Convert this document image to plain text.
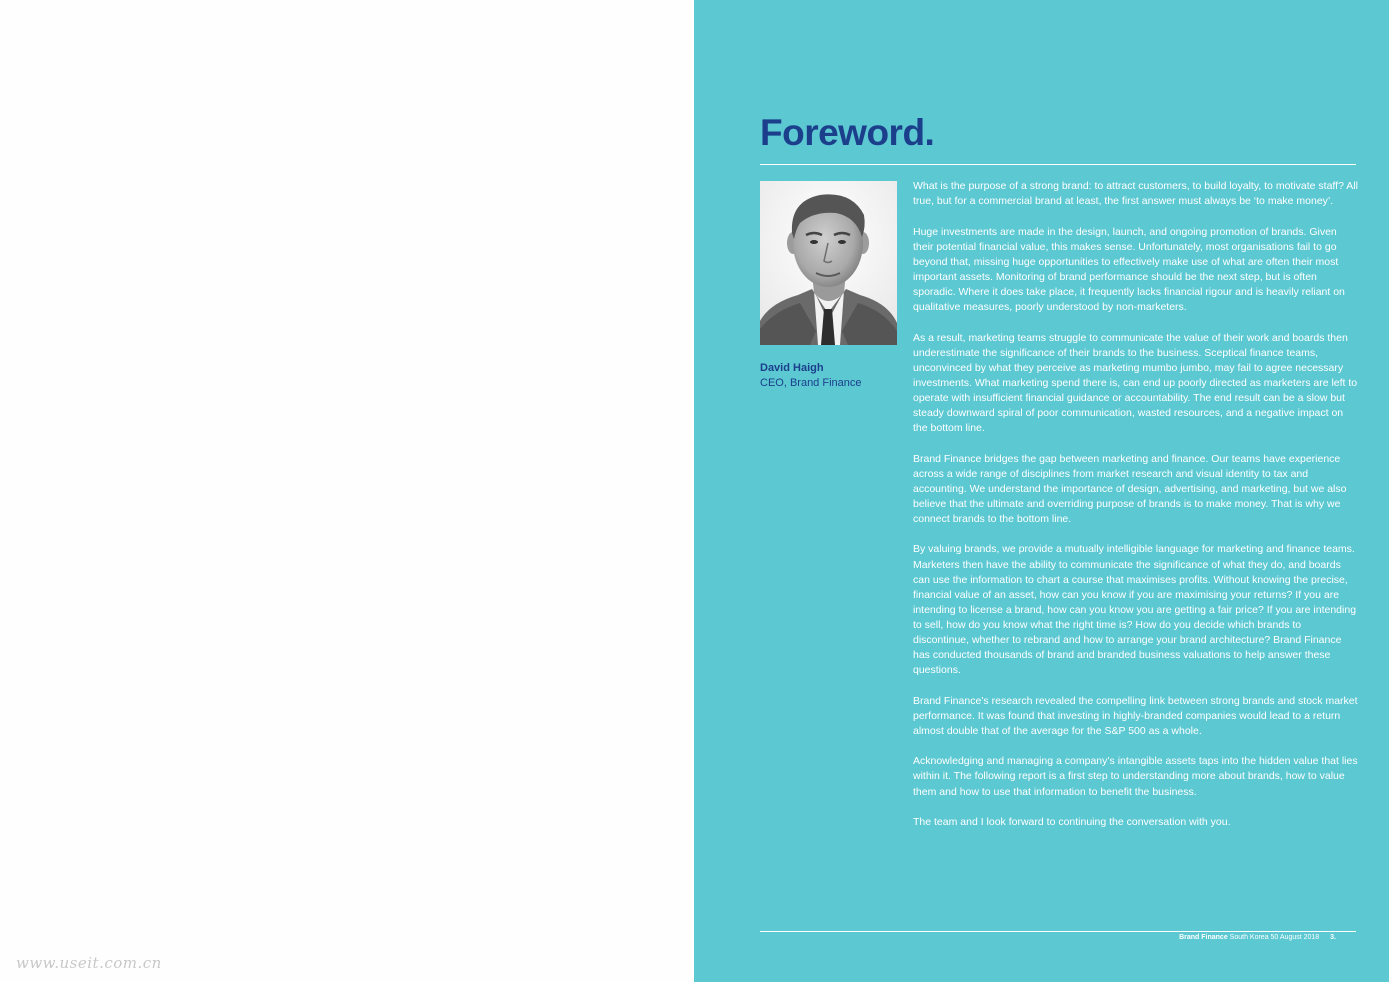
www.useit.com.cn
Foreword.
David Haigh
CEO, Brand Finance

What is the purpose of a strong brand: to attract customers, to build loyalty, to motivate staff? All true, but for a commercial brand at least, the first answer must always be ‘to make money’.

Huge investments are made in the design, launch, and ongoing promotion of brands. Given their potential financial value, this makes sense. Unfortunately, most organisations fail to go beyond that, missing huge opportunities to effectively make use of what are often their most important assets. Monitoring of brand performance should be the next step, but is often sporadic. Where it does take place, it frequently lacks financial rigour and is heavily reliant on qualitative measures, poorly understood by non-marketers.

As a result, marketing teams struggle to communicate the value of their work and boards then underestimate the significance of their brands to the business. Sceptical finance teams, unconvinced by what they perceive as marketing mumbo jumbo, may fail to agree necessary investments. What marketing spend there is, can end up poorly directed as marketers are left to operate with insufficient financial guidance or accountability. The end result can be a slow but steady downward spiral of poor communication, wasted resources, and a negative impact on the bottom line.

Brand Finance bridges the gap between marketing and finance. Our teams have experience across a wide range of disciplines from market research and visual identity to tax and accounting. We understand the importance of design, advertising, and marketing, but we also believe that the ultimate and overriding purpose of brands is to make money. That is why we connect brands to the bottom line.

By valuing brands, we provide a mutually intelligible language for marketing and finance teams. Marketers then have the ability to communicate the significance of what they do, and boards can use the information to chart a course that maximises profits. Without knowing the precise, financial value of an asset, how can you know if you are maximising your returns? If you are intending to license a brand, how can you know you are getting a fair price? If you are intending to sell, how do you know what the right time is? How do you decide which brands to discontinue, whether to rebrand and how to arrange your brand architecture? Brand Finance has conducted thousands of brand and branded business valuations to help answer these questions.

Brand Finance’s research revealed the compelling link between strong brands and stock market performance. It was found that investing in highly-branded companies would lead to a return almost double that of the average for the S&P 500 as a whole.

Acknowledging and managing a company’s intangible assets taps into the hidden value that lies within it. The following report is a first step to understanding more about brands, how to value them and how to use that information to benefit the business.

The team and I look forward to continuing the conversation with you.

Brand Finance South Korea 50 August 2018 3.
